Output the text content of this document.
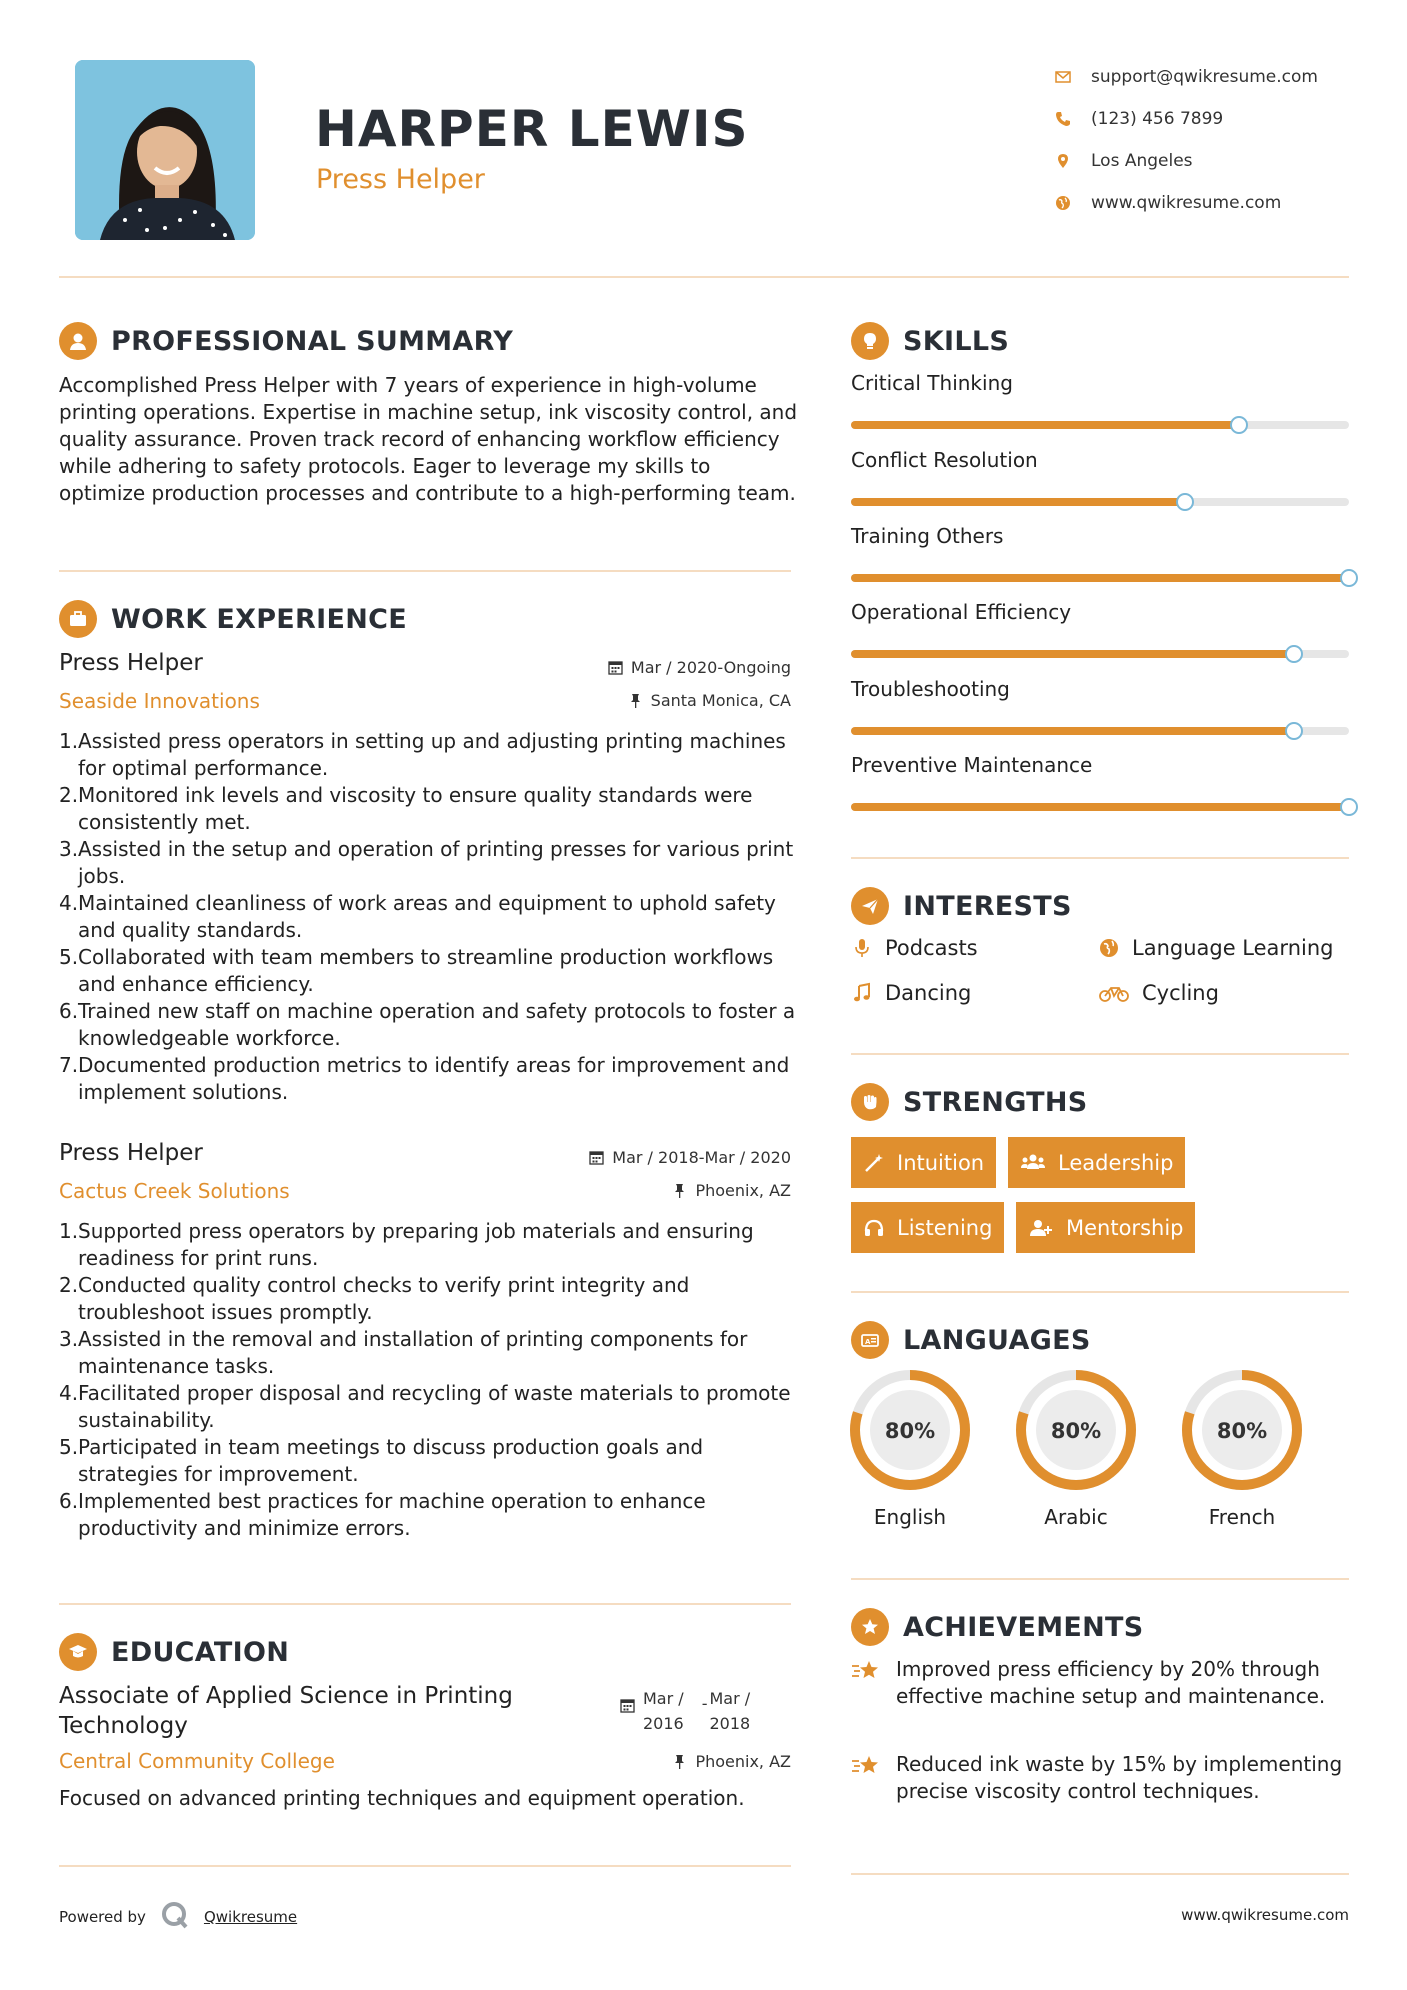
HARPER LEWIS
Press Helper
support@qwikresume.com
(123) 456 7899
Los Angeles
www.qwikresume.com
PROFESSIONAL SUMMARY
Accomplished Press Helper with 7 years of experience in high-volume printing operations. Expertise in machine setup, ink viscosity control, and quality assurance. Proven track record of enhancing workflow efficiency while adhering to safety protocols. Eager to leverage my skills to optimize production processes and contribute to a high-performing team.
WORK EXPERIENCE
Press Helper	Mar / 2020-Ongoing
Seaside Innovations	Santa Monica, CA
1. Assisted press operators in setting up and adjusting printing machines for optimal performance.
2. Monitored ink levels and viscosity to ensure quality standards were consistently met.
3. Assisted in the setup and operation of printing presses for various print jobs.
4. Maintained cleanliness of work areas and equipment to uphold safety and quality standards.
5. Collaborated with team members to streamline production workflows and enhance efficiency.
6. Trained new staff on machine operation and safety protocols to foster a knowledgeable workforce.
7. Documented production metrics to identify areas for improvement and implement solutions.
Press Helper	Mar / 2018-Mar / 2020
Cactus Creek Solutions	Phoenix, AZ
1. Supported press operators by preparing job materials and ensuring readiness for print runs.
2. Conducted quality control checks to verify print integrity and troubleshoot issues promptly.
3. Assisted in the removal and installation of printing components for maintenance tasks.
4. Facilitated proper disposal and recycling of waste materials to promote sustainability.
5. Participated in team meetings to discuss production goals and strategies for improvement.
6. Implemented best practices for machine operation to enhance productivity and minimize errors.
EDUCATION
Associate of Applied Science in Printing Technology
Mar /
2016
- Mar /
2018
Central Community College	Phoenix, AZ
Focused on advanced printing techniques and equipment operation.
SKILLS
Critical Thinking
Conflict Resolution
Training Others
Operational Efficiency
Troubleshooting
Preventive Maintenance
INTERESTS
Podcasts	Language Learning
Dancing	Cycling
STRENGTHS
Intuition	Leadership
Listening	Mentorship
A LANGUAGES
80%
English
80%
Arabic
80%
French
ACHIEVEMENTS
Improved press efficiency by 20% through effective machine setup and maintenance.
Reduced ink waste by 15% by implementing precise viscosity control techniques.
Powered by	Qwikresume	www.qwikresume.com
